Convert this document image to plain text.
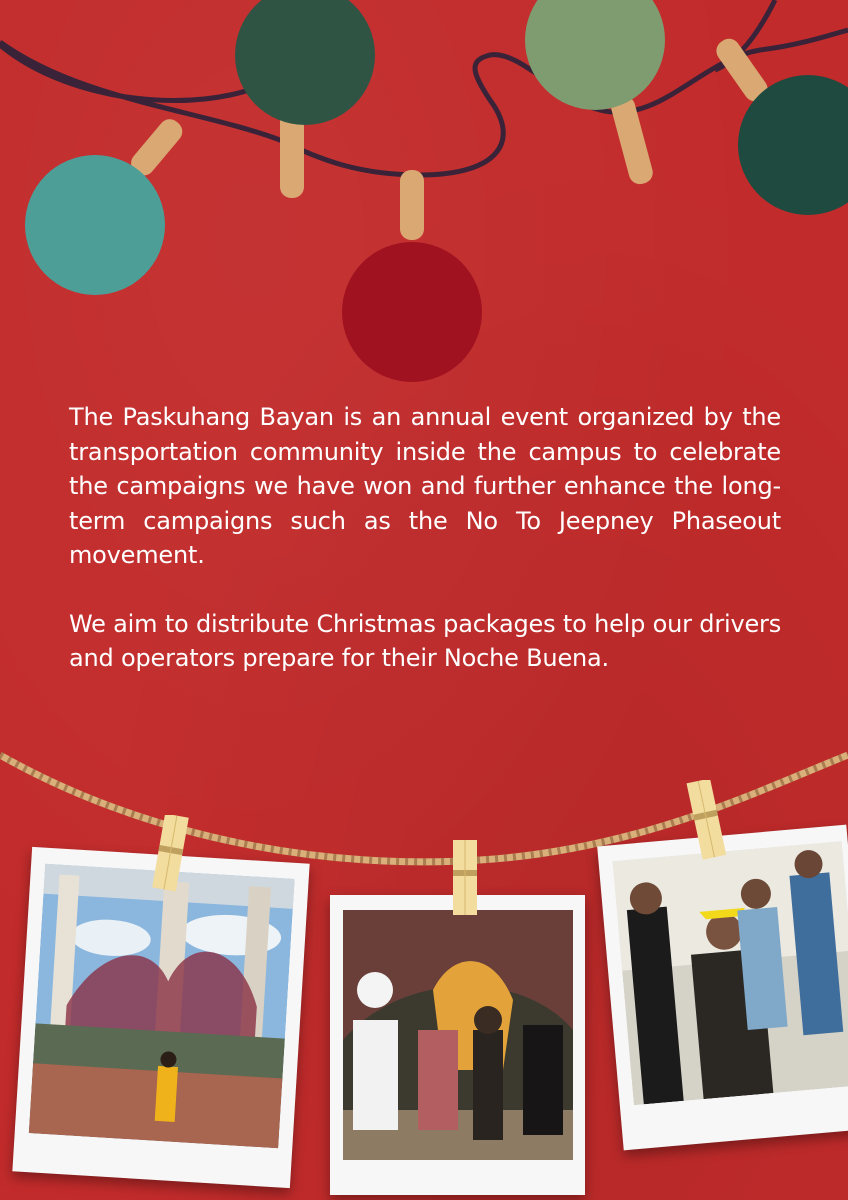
The Paskuhang Bayan is an annual event organized by the transportation community inside the campus to celebrate the campaigns we have won and further enhance the long-term campaigns such as the No To Jeepney Phaseout movement.

We aim to distribute Christmas packages to help our drivers and operators prepare for their Noche Buena.
